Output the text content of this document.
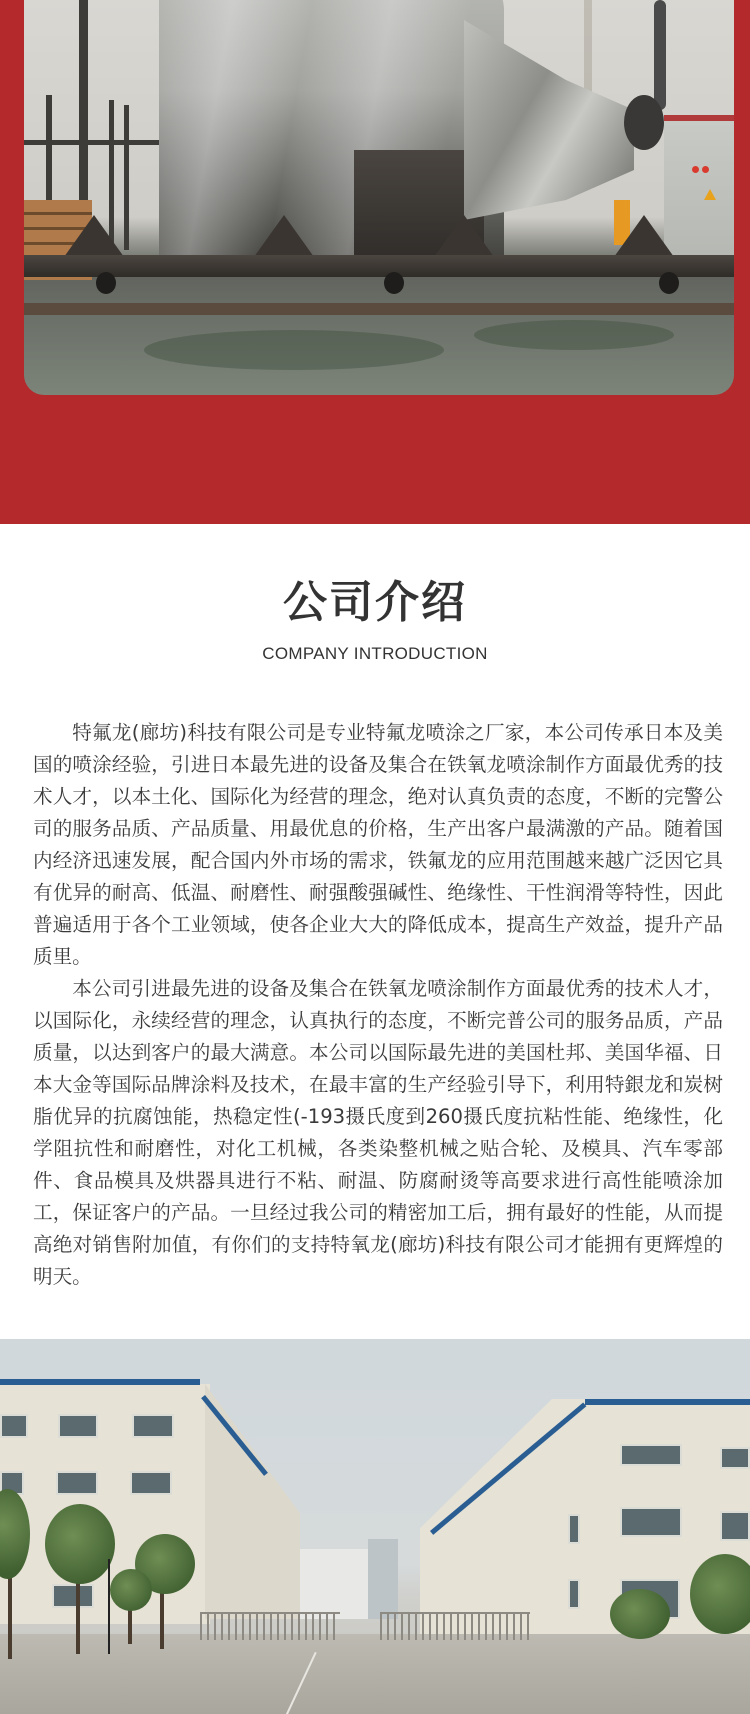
公司介绍
COMPANY INTRODUCTION

特氟龙(廊坊)科技有限公司是专业特氟龙喷涂之厂家，本公司传承日本及美国的喷涂经验，引进日本最先进的设备及集合在铁氧龙喷涂制作方面最优秀的技术人才，以本土化、国际化为经营的理念，绝对认真负责的态度，不断的完警公司的服务品质、产品质量、用最优息的价格，生产出客户最满激的产品。随着国内经济迅速发展，配合国内外市场的需求，铁氟龙的应用范围越来越广泛因它具有优异的耐高、低温、耐磨性、耐强酸强碱性、绝缘性、干性润滑等特性，因此普遍适用于各个工业领域，使各企业大大的降低成本，提高生产效益，提升产品质里。

本公司引进最先进的设备及集合在铁氧龙喷涂制作方面最优秀的技术人才，以国际化，永续经营的理念，认真执行的态度，不断完普公司的服务品质，产品质量，以达到客户的最大满意。本公司以国际最先进的美国杜邦、美国华福、日本大金等国际品牌涂料及技术，在最丰富的生产经验引导下，利用特銀龙和炭树脂优异的抗腐蚀能，热稳定性(-193摄氏度到260摄氏度抗粘性能、绝缘性，化学阻抗性和耐磨性，对化工机械，各类染整机械之贴合轮、及模具、汽车零部件、食品模具及烘器具进行不粘、耐温、防腐耐烫等高要求进行高性能喷涂加工，保证客户的产品。一旦经过我公司的精密加工后，拥有最好的性能，从而提高绝对销售附加值，有你们的支持特氧龙(廊坊)科技有限公司才能拥有更辉煌的明天。
